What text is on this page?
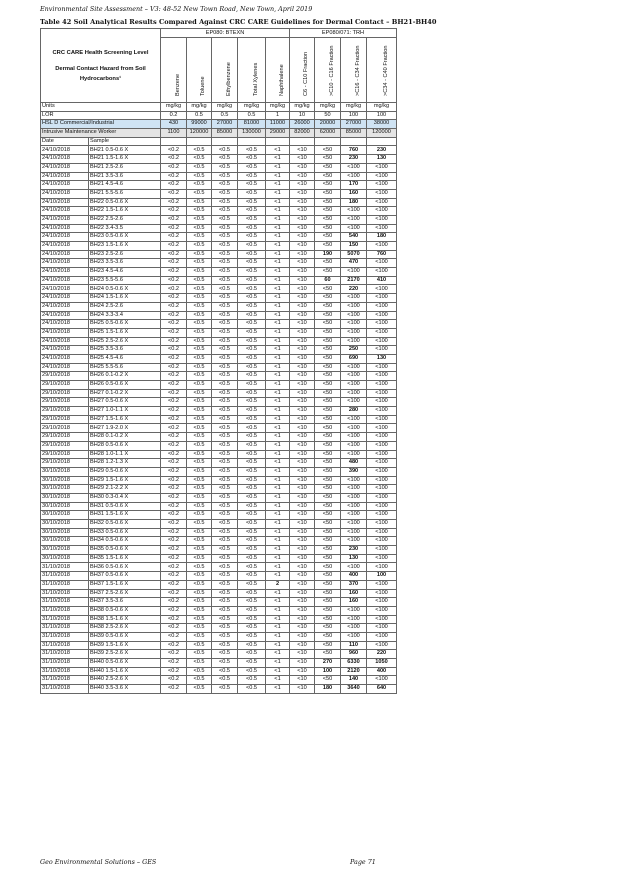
Environmental Site Assessment – V3: 48-52 New Town Road, New Town, April 2019
Table 42 Soil Analytical Results Compared Against CRC CARE Guidelines for Dermal Contact – BH21-BH40
CRC CARE Health Screening Level
Dermal Contact Hazard from Soil Hydrocarbons¹		EP080: BTEXN					EP080/071: TRH			

		Benzene	Toluene	Ethylbenzene	Total Xylenes	Naphthalene	C6 - C10 Fraction	>C10 - C16 Fraction	>C16 - C34 Fraction	>C34 - C40 Fraction

Units		mg/kg	mg/kg	mg/kg	mg/kg	mg/kg	mg/kg	mg/kg	mg/kg	mg/kg
LOR		0.2	0.5	0.5	0.5	1	10	50	100	100
HSL D Commercial/Industrial		430	99000	27000	81000	11000	26000	20000	27000	38000
Intrusive Maintenance Worker		1100	120000	85000	130000	29000	82000	62000	85000	120000
Date	Sample									
24/10/2018	BH21 0.5-0.6 X	<0.2	<0.5	<0.5	<0.5	<1	<10	<50	760	230
24/10/2018	BH21 1.5-1.6 X	<0.2	<0.5	<0.5	<0.5	<1	<10	<50	230	130
24/10/2018	BH21 2.5-2.6	<0.2	<0.5	<0.5	<0.5	<1	<10	<50	<100	<100
24/10/2018	BH21 3.5-3.6	<0.2	<0.5	<0.5	<0.5	<1	<10	<50	<100	<100
24/10/2018	BH21 4.5-4.6	<0.2	<0.5	<0.5	<0.5	<1	<10	<50	170	<100
24/10/2018	BH21 5.5-5.6	<0.2	<0.5	<0.5	<0.5	<1	<10	<50	160	<100
24/10/2018	BH22 0.5-0.6 X	<0.2	<0.5	<0.5	<0.5	<1	<10	<50	180	<100
24/10/2018	BH22 1.5-1.6 X	<0.2	<0.5	<0.5	<0.5	<1	<10	<50	<100	<100
24/10/2018	BH22 2.5-2.6	<0.2	<0.5	<0.5	<0.5	<1	<10	<50	<100	<100
24/10/2018	BH22 3.4-3.5	<0.2	<0.5	<0.5	<0.5	<1	<10	<50	<100	<100
24/10/2018	BH23 0.5-0.6 X	<0.2	<0.5	<0.5	<0.5	<1	<10	<50	540	180
24/10/2018	BH23 1.5-1.6 X	<0.2	<0.5	<0.5	<0.5	<1	<10	<50	150	<100
24/10/2018	BH23 2.5-2.6	<0.2	<0.5	<0.5	<0.5	<1	<10	190	5070	760
24/10/2018	BH23 3.5-3.6	<0.2	<0.5	<0.5	<0.5	<1	<10	<50	470	<100
24/10/2018	BH23 4.5-4.6	<0.2	<0.5	<0.5	<0.5	<1	<10	<50	<100	<100
24/10/2018	BH23 5.5-5.6	<0.2	<0.5	<0.5	<0.5	<1	<10	60	2170	410
24/10/2018	BH24 0.5-0.6 X	<0.2	<0.5	<0.5	<0.5	<1	<10	<50	220	<100
24/10/2018	BH24 1.5-1.6 X	<0.2	<0.5	<0.5	<0.5	<1	<10	<50	<100	<100
24/10/2018	BH24 2.5-2.6	<0.2	<0.5	<0.5	<0.5	<1	<10	<50	<100	<100
24/10/2018	BH24 3.3-3.4	<0.2	<0.5	<0.5	<0.5	<1	<10	<50	<100	<100
24/10/2018	BH25 0.5-0.6 X	<0.2	<0.5	<0.5	<0.5	<1	<10	<50	<100	<100
24/10/2018	BH25 1.5-1.6 X	<0.2	<0.5	<0.5	<0.5	<1	<10	<50	<100	<100
24/10/2018	BH25 2.5-2.6 X	<0.2	<0.5	<0.5	<0.5	<1	<10	<50	<100	<100
24/10/2018	BH25 3.5-3.6	<0.2	<0.5	<0.5	<0.5	<1	<10	<50	250	<100
24/10/2018	BH25 4.5-4.6	<0.2	<0.5	<0.5	<0.5	<1	<10	<50	690	130
24/10/2018	BH25 5.5-5.6	<0.2	<0.5	<0.5	<0.5	<1	<10	<50	<100	<100
29/10/2018	BH26 0.1-0.2 X	<0.2	<0.5	<0.5	<0.5	<1	<10	<50	<100	<100
29/10/2018	BH26 0.5-0.6 X	<0.2	<0.5	<0.5	<0.5	<1	<10	<50	<100	<100
29/10/2018	BH27 0.1-0.2 X	<0.2	<0.5	<0.5	<0.5	<1	<10	<50	<100	<100
29/10/2018	BH27 0.5-0.6 X	<0.2	<0.5	<0.5	<0.5	<1	<10	<50	<100	<100
29/10/2018	BH27 1.0-1.1 X	<0.2	<0.5	<0.5	<0.5	<1	<10	<50	280	<100
29/10/2018	BH27 1.5-1.6 X	<0.2	<0.5	<0.5	<0.5	<1	<10	<50	<100	<100
29/10/2018	BH27 1.9-2.0 X	<0.2	<0.5	<0.5	<0.5	<1	<10	<50	<100	<100
29/10/2018	BH28 0.1-0.2 X	<0.2	<0.5	<0.5	<0.5	<1	<10	<50	<100	<100
29/10/2018	BH28 0.5-0.6 X	<0.2	<0.5	<0.5	<0.5	<1	<10	<50	<100	<100
29/10/2018	BH28 1.0-1.1 X	<0.2	<0.5	<0.5	<0.5	<1	<10	<50	<100	<100
29/10/2018	BH28 1.2-1.3 X	<0.2	<0.5	<0.5	<0.5	<1	<10	<50	480	<100
30/10/2018	BH29 0.5-0.6 X	<0.2	<0.5	<0.5	<0.5	<1	<10	<50	390	<100
30/10/2018	BH29 1.5-1.6 X	<0.2	<0.5	<0.5	<0.5	<1	<10	<50	<100	<100
30/10/2018	BH29 2.1-2.2 X	<0.2	<0.5	<0.5	<0.5	<1	<10	<50	<100	<100
30/10/2018	BH30 0.3-0.4 X	<0.2	<0.5	<0.5	<0.5	<1	<10	<50	<100	<100
30/10/2018	BH31 0.5-0.6 X	<0.2	<0.5	<0.5	<0.5	<1	<10	<50	<100	<100
30/10/2018	BH31 1.5-1.6 X	<0.2	<0.5	<0.5	<0.5	<1	<10	<50	<100	<100
30/10/2018	BH32 0.5-0.6 X	<0.2	<0.5	<0.5	<0.5	<1	<10	<50	<100	<100
30/10/2018	BH33 0.5-0.6 X	<0.2	<0.5	<0.5	<0.5	<1	<10	<50	<100	<100
30/10/2018	BH34 0.5-0.6 X	<0.2	<0.5	<0.5	<0.5	<1	<10	<50	<100	<100
30/10/2018	BH35 0.5-0.6 X	<0.2	<0.5	<0.5	<0.5	<1	<10	<50	230	<100
30/10/2018	BH35 1.5-1.6 X	<0.2	<0.5	<0.5	<0.5	<1	<10	<50	130	<100
31/10/2018	BH36 0.5-0.6 X	<0.2	<0.5	<0.5	<0.5	<1	<10	<50	<100	<100
31/10/2018	BH37 0.5-0.6 X	<0.2	<0.5	<0.5	<0.5	<1	<10	<50	400	100
31/10/2018	BH37 1.5-1.6 X	<0.2	<0.5	<0.5	<0.5	2	<10	<50	370	<100
31/10/2018	BH37 2.5-2.6 X	<0.2	<0.5	<0.5	<0.5	<1	<10	<50	160	<100
31/10/2018	BH37 3.5-3.6	<0.2	<0.5	<0.5	<0.5	<1	<10	<50	160	<100
31/10/2018	BH38 0.5-0.6 X	<0.2	<0.5	<0.5	<0.5	<1	<10	<50	<100	<100
31/10/2018	BH38 1.5-1.6 X	<0.2	<0.5	<0.5	<0.5	<1	<10	<50	<100	<100
31/10/2018	BH38 2.5-2.6 X	<0.2	<0.5	<0.5	<0.5	<1	<10	<50	<100	<100
31/10/2018	BH39 0.5-0.6 X	<0.2	<0.5	<0.5	<0.5	<1	<10	<50	<100	<100
31/10/2018	BH39 1.5-1.6 X	<0.2	<0.5	<0.5	<0.5	<1	<10	<50	110	<100
31/10/2018	BH39 2.5-2.6 X	<0.2	<0.5	<0.5	<0.5	<1	<10	<50	960	220
31/10/2018	BH40 0.5-0.6 X	<0.2	<0.5	<0.5	<0.5	<1	<10	270	6330	1050
31/10/2018	BH40 1.5-1.6 X	<0.2	<0.5	<0.5	<0.5	<1	<10	100	2120	400
31/10/2018	BH40 2.5-2.6 X	<0.2	<0.5	<0.5	<0.5	<1	<10	<50	140	<100
31/10/2018	BH40 3.5-3.6 X	<0.2	<0.5	<0.5	<0.5	<1	<10	180	3640	640
Geo Environmental Solutions – GES	Page 71
